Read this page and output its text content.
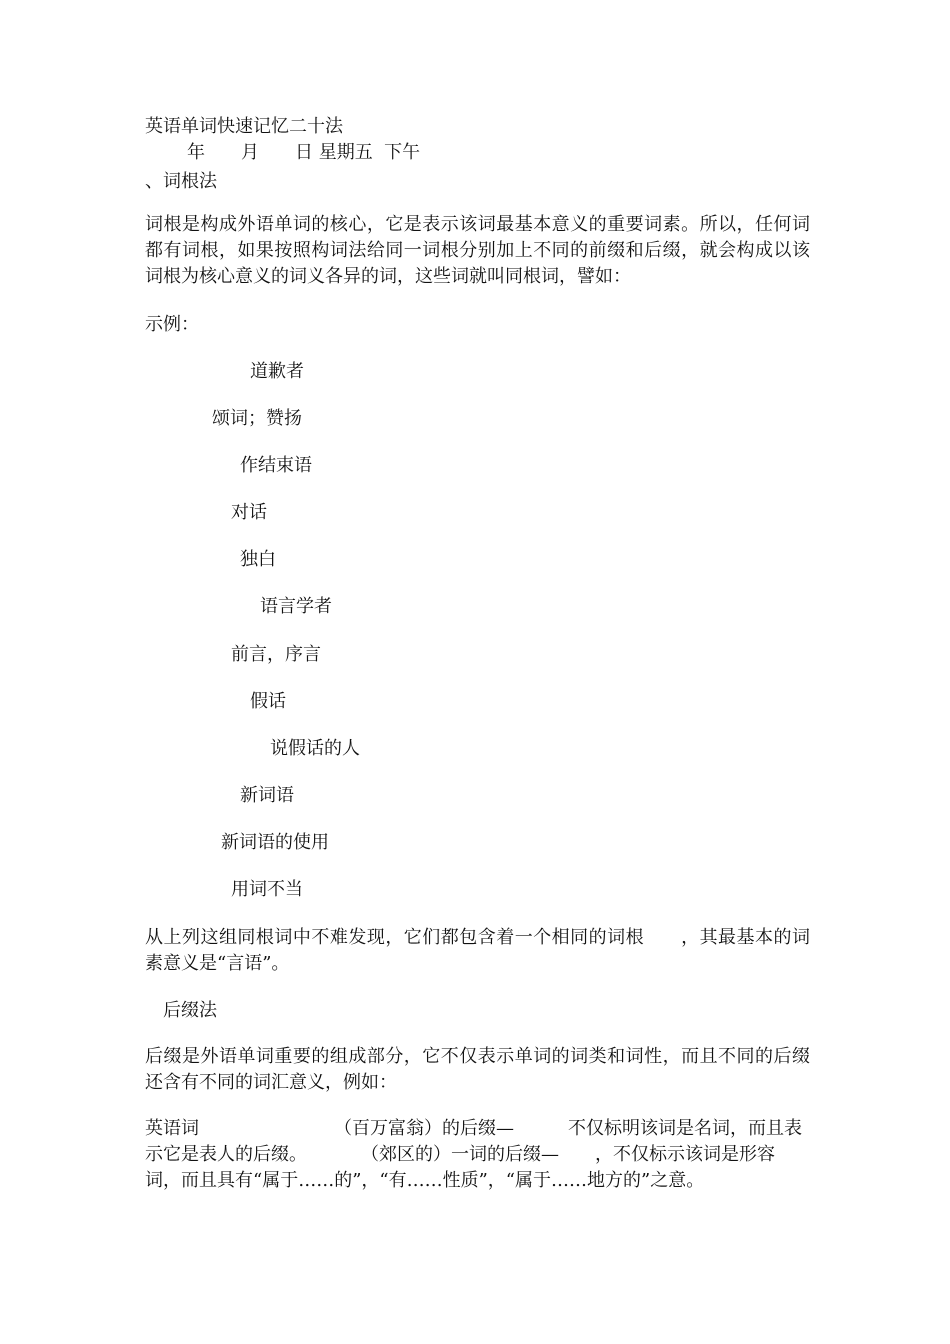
英语单词快速记忆二十法
年　　月　　日 星期五  下午
、词根法

词根是构成外语单词的核心，它是表示该词最基本意义的重要词素。所以，任何词都有词根，如果按照构词法给同一词根分别加上不同的前缀和后缀，就会构成以该词根为核心意义的词义各异的词，这些词就叫同根词，譬如：

示例：
道歉者
颂词；赞扬
作结束语
对话
独白
语言学者
前言，序言
假话
说假话的人
新词语
新词语的使用
用词不当

从上列这组同根词中不难发现，它们都包含着一个相同的词根　　，其最基本的词素意义是“言语”。

后缀法

后缀是外语单词重要的组成部分，它不仅表示单词的词类和词性，而且不同的后缀还含有不同的词汇意义，例如：

英语词　　　　　　　　（百万富翁）的后缀—　　　不仅标明该词是名词，而且表
示它是表人的后缀。　　　　（郊区的）一词的后缀—　　，不仅标示该词是形容
词，而且具有“属于……的”，“有……性质”，“属于……地方的”之意。
